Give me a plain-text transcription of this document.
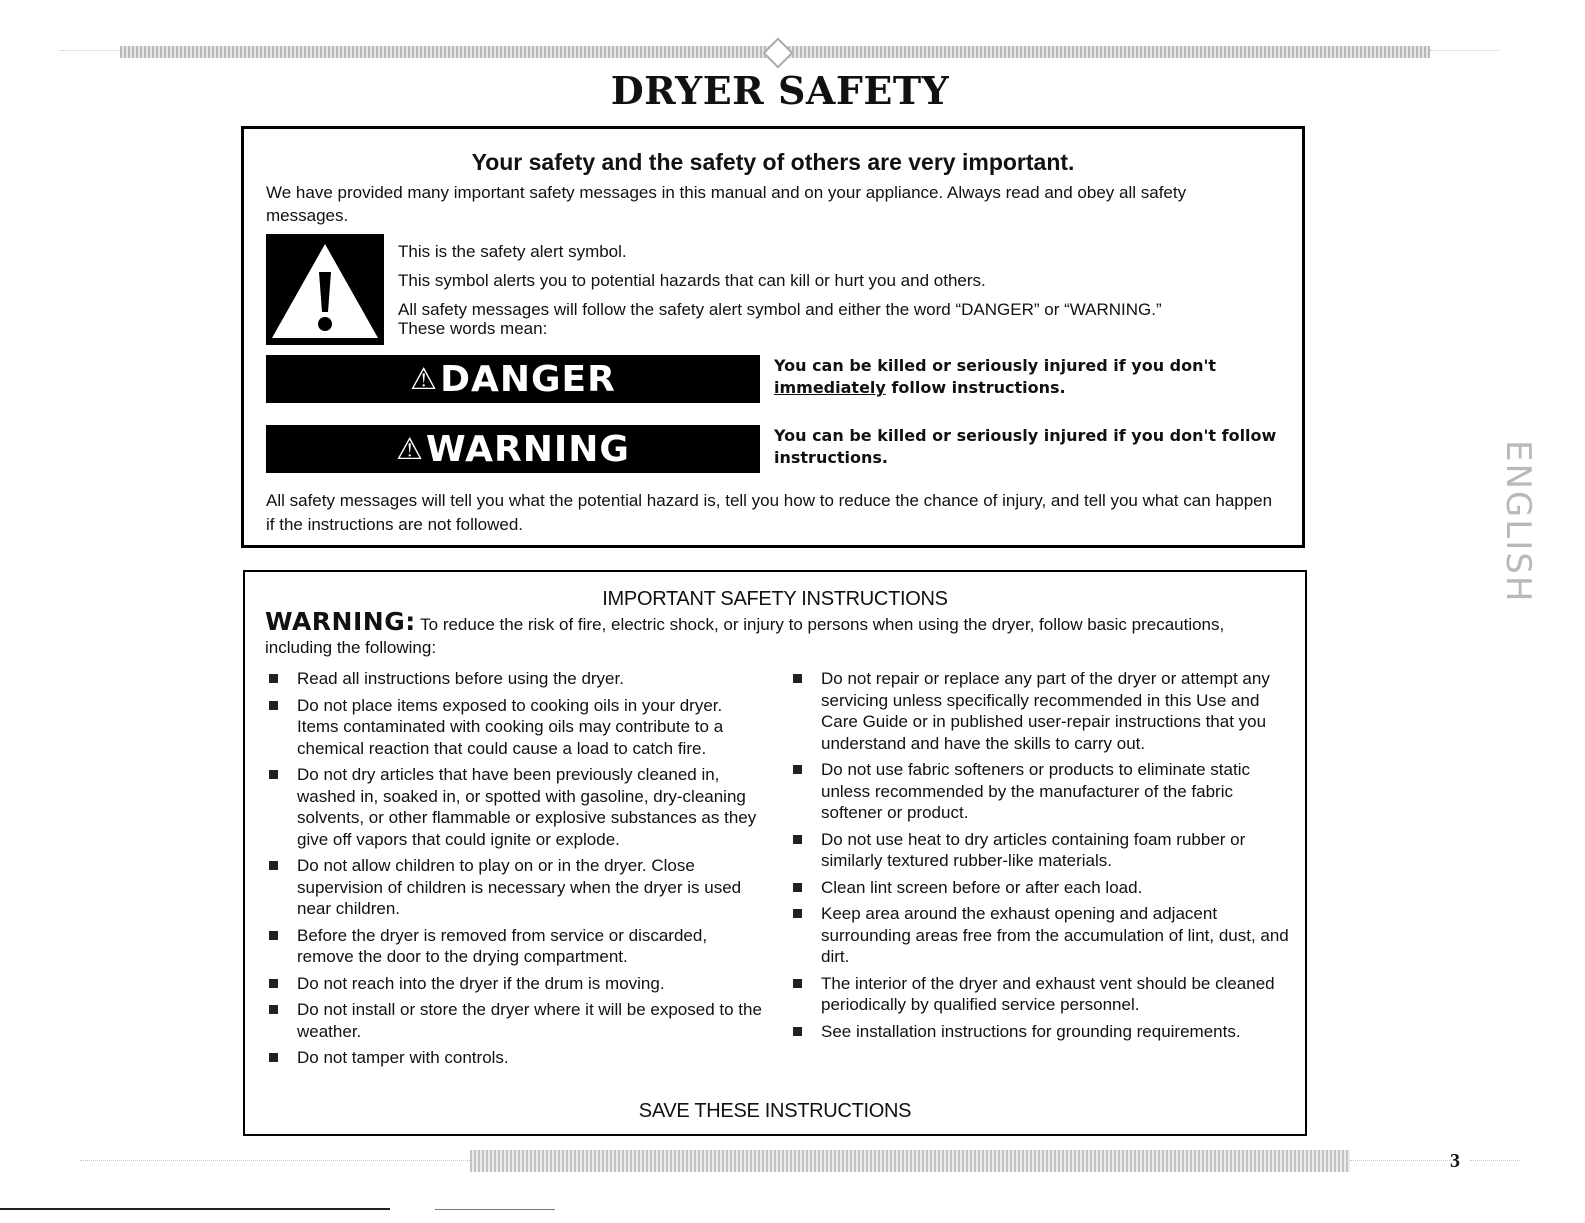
DRYER SAFETY
ENGLISH
Your safety and the safety of others are very important.
We have provided many important safety messages in this manual and on your appliance. Always read and obey all safety messages.
This is the safety alert symbol.
This symbol alerts you to potential hazards that can kill or hurt you and others.
All safety messages will follow the safety alert symbol and either the word “DANGER” or “WARNING.”
These words mean:
⚠ DANGER	You can be killed or seriously injured if you don't immediately follow instructions.
⚠ WARNING	You can be killed or seriously injured if you don't follow instructions.
All safety messages will tell you what the potential hazard is, tell you how to reduce the chance of injury, and tell you what can happen if the instructions are not followed.
IMPORTANT SAFETY INSTRUCTIONS
WARNING: To reduce the risk of fire, electric shock, or injury to persons when using the dryer, follow basic precautions, including the following:
Read all instructions before using the dryer.
Do not place items exposed to cooking oils in your dryer. Items contaminated with cooking oils may contribute to a chemical reaction that could cause a load to catch fire.
Do not dry articles that have been previously cleaned in, washed in, soaked in, or spotted with gasoline, dry-cleaning solvents, or other flammable or explosive substances as they give off vapors that could ignite or explode.
Do not allow children to play on or in the dryer. Close supervision of children is necessary when the dryer is used near children.
Before the dryer is removed from service or discarded, remove the door to the drying compartment.
Do not reach into the dryer if the drum is moving.
Do not install or store the dryer where it will be exposed to the weather.
Do not tamper with controls.
Do not repair or replace any part of the dryer or attempt any servicing unless specifically recommended in this Use and Care Guide or in published user-repair instructions that you understand and have the skills to carry out.
Do not use fabric softeners or products to eliminate static unless recommended by the manufacturer of the fabric softener or product.
Do not use heat to dry articles containing foam rubber or similarly textured rubber-like materials.
Clean lint screen before or after each load.
Keep area around the exhaust opening and adjacent surrounding areas free from the accumulation of lint, dust, and dirt.
The interior of the dryer and exhaust vent should be cleaned periodically by qualified service personnel.
See installation instructions for grounding requirements.
SAVE THESE INSTRUCTIONS
3
